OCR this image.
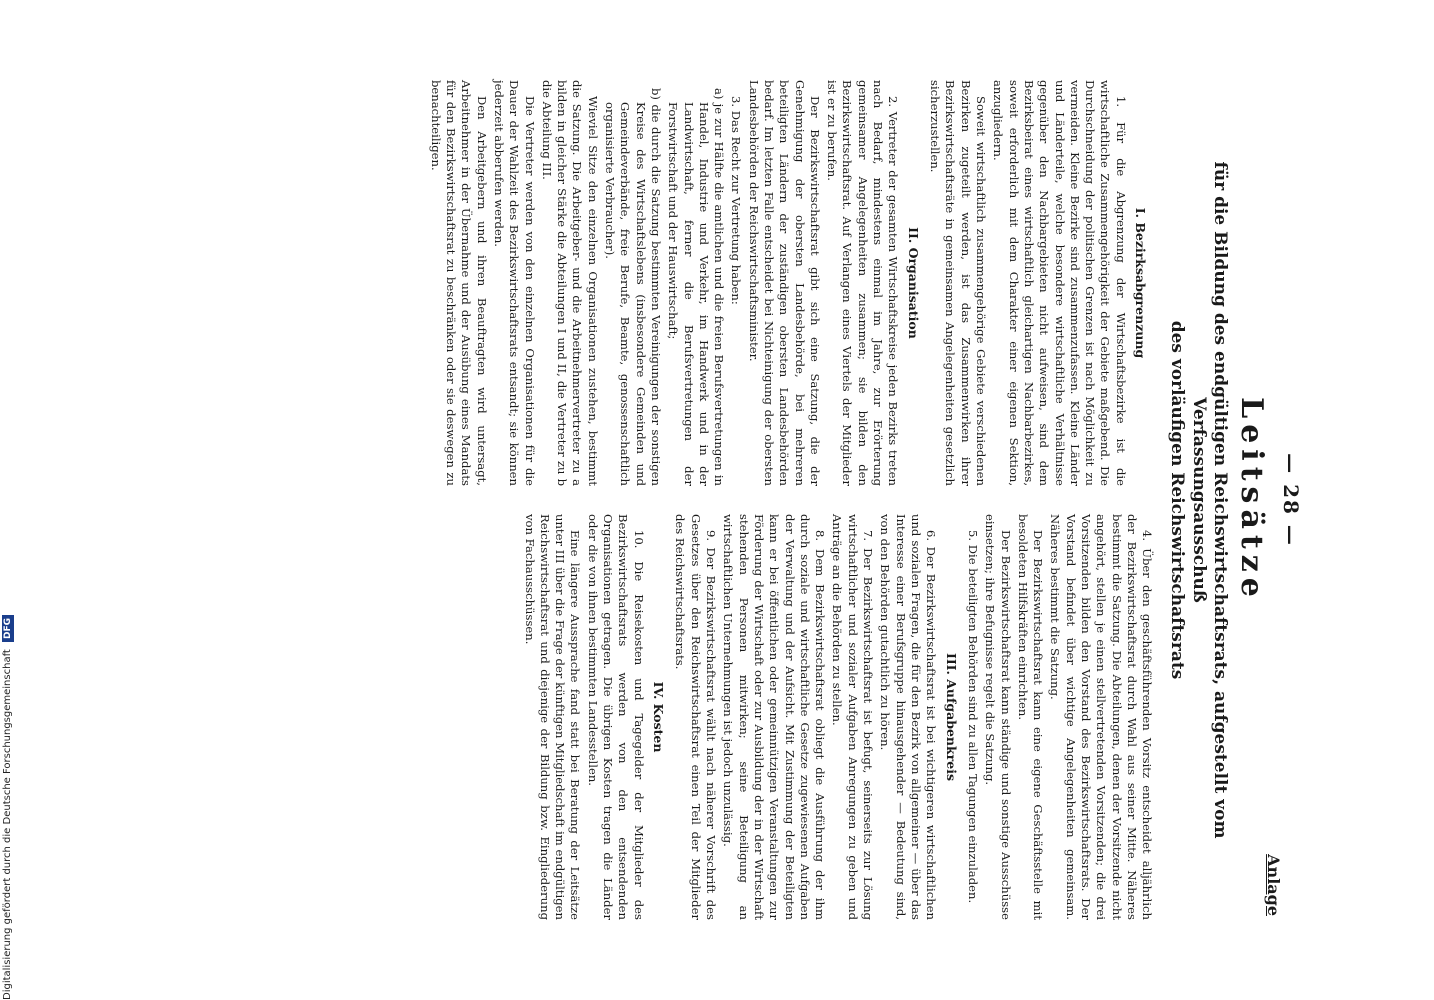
— 28 —
Anlage
Leitsätze
für die Bildung des endgültigen Reichswirtschaftsrats, aufgestellt vom Verfassungsausschuß
des vorläufigen Reichswirtschaftsrats
I. Bezirksabgrenzung

1. Für die Abgrenzung der Wirtschaftsbezirke ist die wirtschaftliche Zusammengehörigkeit der Gebiete maßgebend. Die Durchschneidung der politischen Grenzen ist nach Möglichkeit zu vermeiden. Kleine Bezirke sind zusammenzufassen. Kleine Länder und Länderteile, welche besondere wirtschaftliche Verhältnisse gegenüber den Nachbargebieten nicht aufweisen, sind dem Bezirksbeirat eines wirtschaftlich gleichartigen Nachbarbezirkes, soweit erforderlich mit dem Charakter einer eigenen Sektion, anzugliedern.

Soweit wirtschaftlich zusammengehörige Gebiete verschiedenen Bezirken zugeteilt werden, ist das Zusammenwirken ihrer Bezirkswirtschaftsräte in gemeinsamen Angelegenheiten gesetzlich sicherzustellen.

II. Organisation

2. Vertreter der gesamten Wirtschaftskreise jeden Bezirks treten nach Bedarf, mindestens einmal im Jahre, zur Erörterung gemeinsamer Angelegenheiten zusammen; sie bilden den Bezirkswirtschaftsrat. Auf Verlangen eines Viertels der Mitglieder ist er zu berufen.

Der Bezirkswirtschaftsrat gibt sich eine Satzung, die der Genehmigung der obersten Landesbehörde, bei mehreren beteiligten Ländern der zuständigen obersten Landesbehörden bedarf. Im letzten Falle entscheidet bei Nichteinigung der obersten Landesbehörden der Reichswirtschaftsminister.

3. Das Recht zur Vertretung haben:

a) je zur Hälfte die amtlichen und die freien Berufsvertretungen in Handel, Industrie und Verkehr, im Handwerk und in der Landwirtschaft, ferner die Berufsvertretungen der Forstwirtschaft und der Hauswirtschaft;
b) die durch die Satzung bestimmten Vereinigungen der sonstigen Kreise des Wirtschaftslebens (insbesondere Gemeinden und Gemeindeverbände, freie Berufe, Beamte, genossenschaftlich organisierte Verbraucher).

Wieviel Sitze den einzelnen Organisationen zustehen, bestimmt die Satzung. Die Arbeitgeber- und die Arbeitnehmervertreter zu a bilden in gleicher Stärke die Abteilungen I und II, die Vertreter zu b die Abteilung III.

Die Vertreter werden von den einzelnen Organisationen für die Dauer der Wahlzeit des Bezirkswirtschaftsrats entsandt; sie können jederzeit abberufen werden.

Den Arbeitgebern und ihren Beauftragten wird untersagt, Arbeitnehmer in der Übernahme und der Ausübung eines Mandats für den Bezirkswirtschaftsrat zu beschränken oder sie deswegen zu benachteiligen.

4. Über den geschäftsführenden Vorsitz entscheidet alljährlich der Bezirkswirtschaftsrat durch Wahl aus seiner Mitte. Näheres bestimmt die Satzung. Die Abteilungen, denen der Vorsitzende nicht angehört, stellen je einen stellvertretenden Vorsitzenden; die drei Vorsitzenden bilden den Vorstand des Bezirkswirtschaftsrats. Der Vorstand befindet über wichtige Angelegenheiten gemeinsam. Näheres bestimmt die Satzung.

Der Bezirkswirtschaftsrat kann eine eigene Geschäftsstelle mit besoldeten Hilfskräften einrichten.

Der Bezirkswirtschaftsrat kann ständige und sonstige Ausschüsse einsetzen; ihre Befugnisse regelt die Satzung.

5. Die beteiligten Behörden sind zu allen Tagungen einzuladen.

III. Aufgabenkreis

6. Der Bezirkswirtschaftsrat ist bei wichtigeren wirtschaftlichen und sozialen Fragen, die für den Bezirk von allgemeiner — über das Interesse einer Berufsgruppe hinausgehender — Bedeutung sind, von den Behörden gutachtlich zu hören.

7. Der Bezirkswirtschaftsrat ist befugt, seinerseits zur Lösung wirtschaftlicher und sozialer Aufgaben Anregungen zu geben und Anträge an die Behörden zu stellen.

8. Dem Bezirkswirtschaftsrat obliegt die Ausführung der ihm durch soziale und wirtschaftliche Gesetze zugewiesenen Aufgaben der Verwaltung und der Aufsicht. Mit Zustimmung der Beteiligten kann er bei öffentlichen oder gemeinnützigen Veranstaltungen zur Förderung der Wirtschaft oder zur Ausbildung der in der Wirtschaft stehenden Personen mitwirken; seine Beteiligung an wirtschaftlichen Unternehmungen ist jedoch unzulässig.

9. Der Bezirkswirtschaftsrat wählt nach näherer Vorschrift des Gesetzes über den Reichswirtschaftsrat einen Teil der Mitglieder des Reichswirtschaftsrats.

IV. Kosten

10. Die Reisekosten und Tagegelder der Mitglieder des Bezirkswirtschaftsrats werden von den entsendenden Organisationen getragen. Die übrigen Kosten tragen die Länder oder die von ihnen bestimmten Landesstellen.

Eine längere Aussprache fand statt bei Beratung der Leitsätze unter III über die Frage der künftigen Mitgliedschaft im endgültigen Reichswirtschaftsrat und diejenige der Bildung bzw. Eingliederung von Fachausschüssen.

Digitalisierung gefördert durch die Deutsche Forschungsgemeinschaft DFG
